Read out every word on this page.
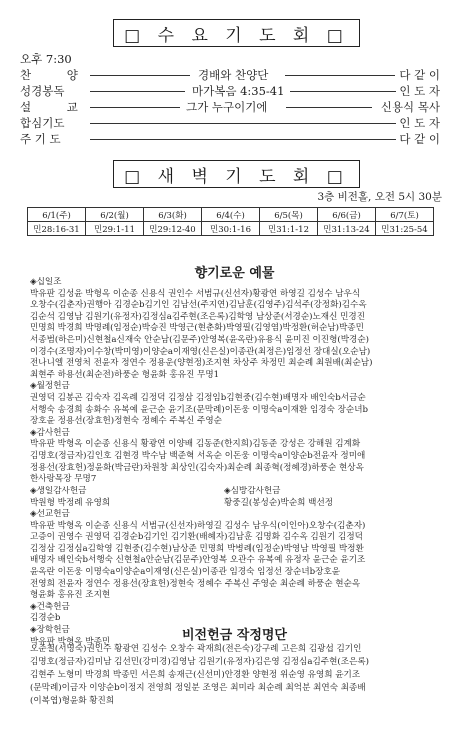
□ 수 요 기 도 회 □
오후 7:30
찬 양	경배와 찬양단	다 같 이
성경봉독	마가복음 4:35-41	인 도 자
설 교	그가 누구이기에	신용식 목사
합심기도	인 도 자
주 기 도	다 같 이
□ 새 벽 기 도 회 □
3층 비전홀, 오전 5시 30분
6/1(주)	6/2(월)	6/3(화)	6/4(수)	6/5(목)	6/6(금)	6/7(토)
민28:16-31	민29:1-11	민29:12-40	민30:1-16	민31:1-12	민31:13-24	민31:25-54
향기로운 예물
◈십일조
박유판 김성윤 박형옥 이순종 신용식 권인수 서범규(신선자)황광연 하영길 김성수 남우식
오창수(김춘자)권행아 김경순b김기인 김남선(주지연)김남훈(김영주)김석주(강정화)김수옥
김순석 김영남 김원기(유정자)김정심a김주현(조은록)김학영 남상준(서경순)노재신 민경진
민명희 박경희 박명례(임정순)박승진 박영근(현춘화)박영필(김영염)박정환(허순남)박종민
서종범(하은미)신현철a신재숙 안순남(김문주)안영복(윤옥란)유용식 윤미진 이진형(박경순)
이경수(조명자)이수창(박미영)이양순a이재영(신은실)이종관(최정은)임정선 장대실(오순남)
전나니엘 전영처 전윤자 정연수 정용운(양현정)조지현 차상주 차정민 최순례 최원배(최순남)
최현주 하용선(최순전)하풍순 형윤화 홍유진 무명1
◈월정헌금
권영덕 김봉곤 김숙자 김옥례 김정덕 김정삼 김정임b김현중(김수현)배명자 배인숙b서금순
서행숙 송경희 송화수 유복예 윤근순 윤기조(문막례)이돈웅 이명숙a이재환 임경숙 장순녀b
장호윤 정용선(장효헌)정현숙 정혜수 주복신 주영순
◈감사헌금
박유판 박형옥 이순종 신용식 황광연 이양배 김동준(한지희)김동준 강성은 강해원 김계화
김명호(정금자)김인호 김현경 박수남 백준혁 서옥순 이돈웅 이명숙a이양순b전윤자 정미애
정용선(장효헌)정윤화(박금란)차원창 최상인(김숙자)최순례 최종혁(정혜경)하풍순 현상옥
한사랑목장 무명7
◈생일감사헌금	◈심방감사헌금
박원형 박정례 유영희	황중길(봉성순)박순희 백선정
◈선교헌금
박유판 박형옥 이순종 신용식 서범규(신선자)하영길 김성수 남우식(이인아)오창수(김춘자)
고증이 권영수 권영덕 김경순b김기인 김기환(배혜자)김남훈 김명화 김수옥 김원기 김정덕
김정삼 김정심a김학영 김현중(김수현)남상준 민명희 박병례(임정순)박영남 박영필 박정환
배명자 배인숙b서행숙 신현철a안순남(김문주)안영복 오관수 유복예 유정자 윤근순 윤기조
윤옥란 이돈웅 이명숙a이양순a이재영(신은실)이종관 임경숙 임정선 장순녀b장호윤
전영희 전윤자 정연수 정용선(장효헌)정현숙 정혜수 주복신 주영순 최순례 하풍순 현순옥
형윤화 홍유진 조지현
◈건축헌금
김경순b
◈장학헌금
박유판 박형옥 박종민	비전헌금 작정명단
오준철(서명숙)권인수 황광연 김성수 오창수 곽재희(전은숙)강구례 고은희 김광섭 김기인
김명호(정금자)김미남 김선민(강미경)김영남 김원기(유정자)김은영 김정심a김주현(조은록)
김현주 노형미 박경희 박종민 서은희 송재근(신선미)안경환 양현정 위순영 유영희 윤기조
(문막례)이금자 이양순b이정지 전영희 정일분 조영은 최미라 최순례 최억분 최연숙 최종배
(이복엽)형윤화 황진희
